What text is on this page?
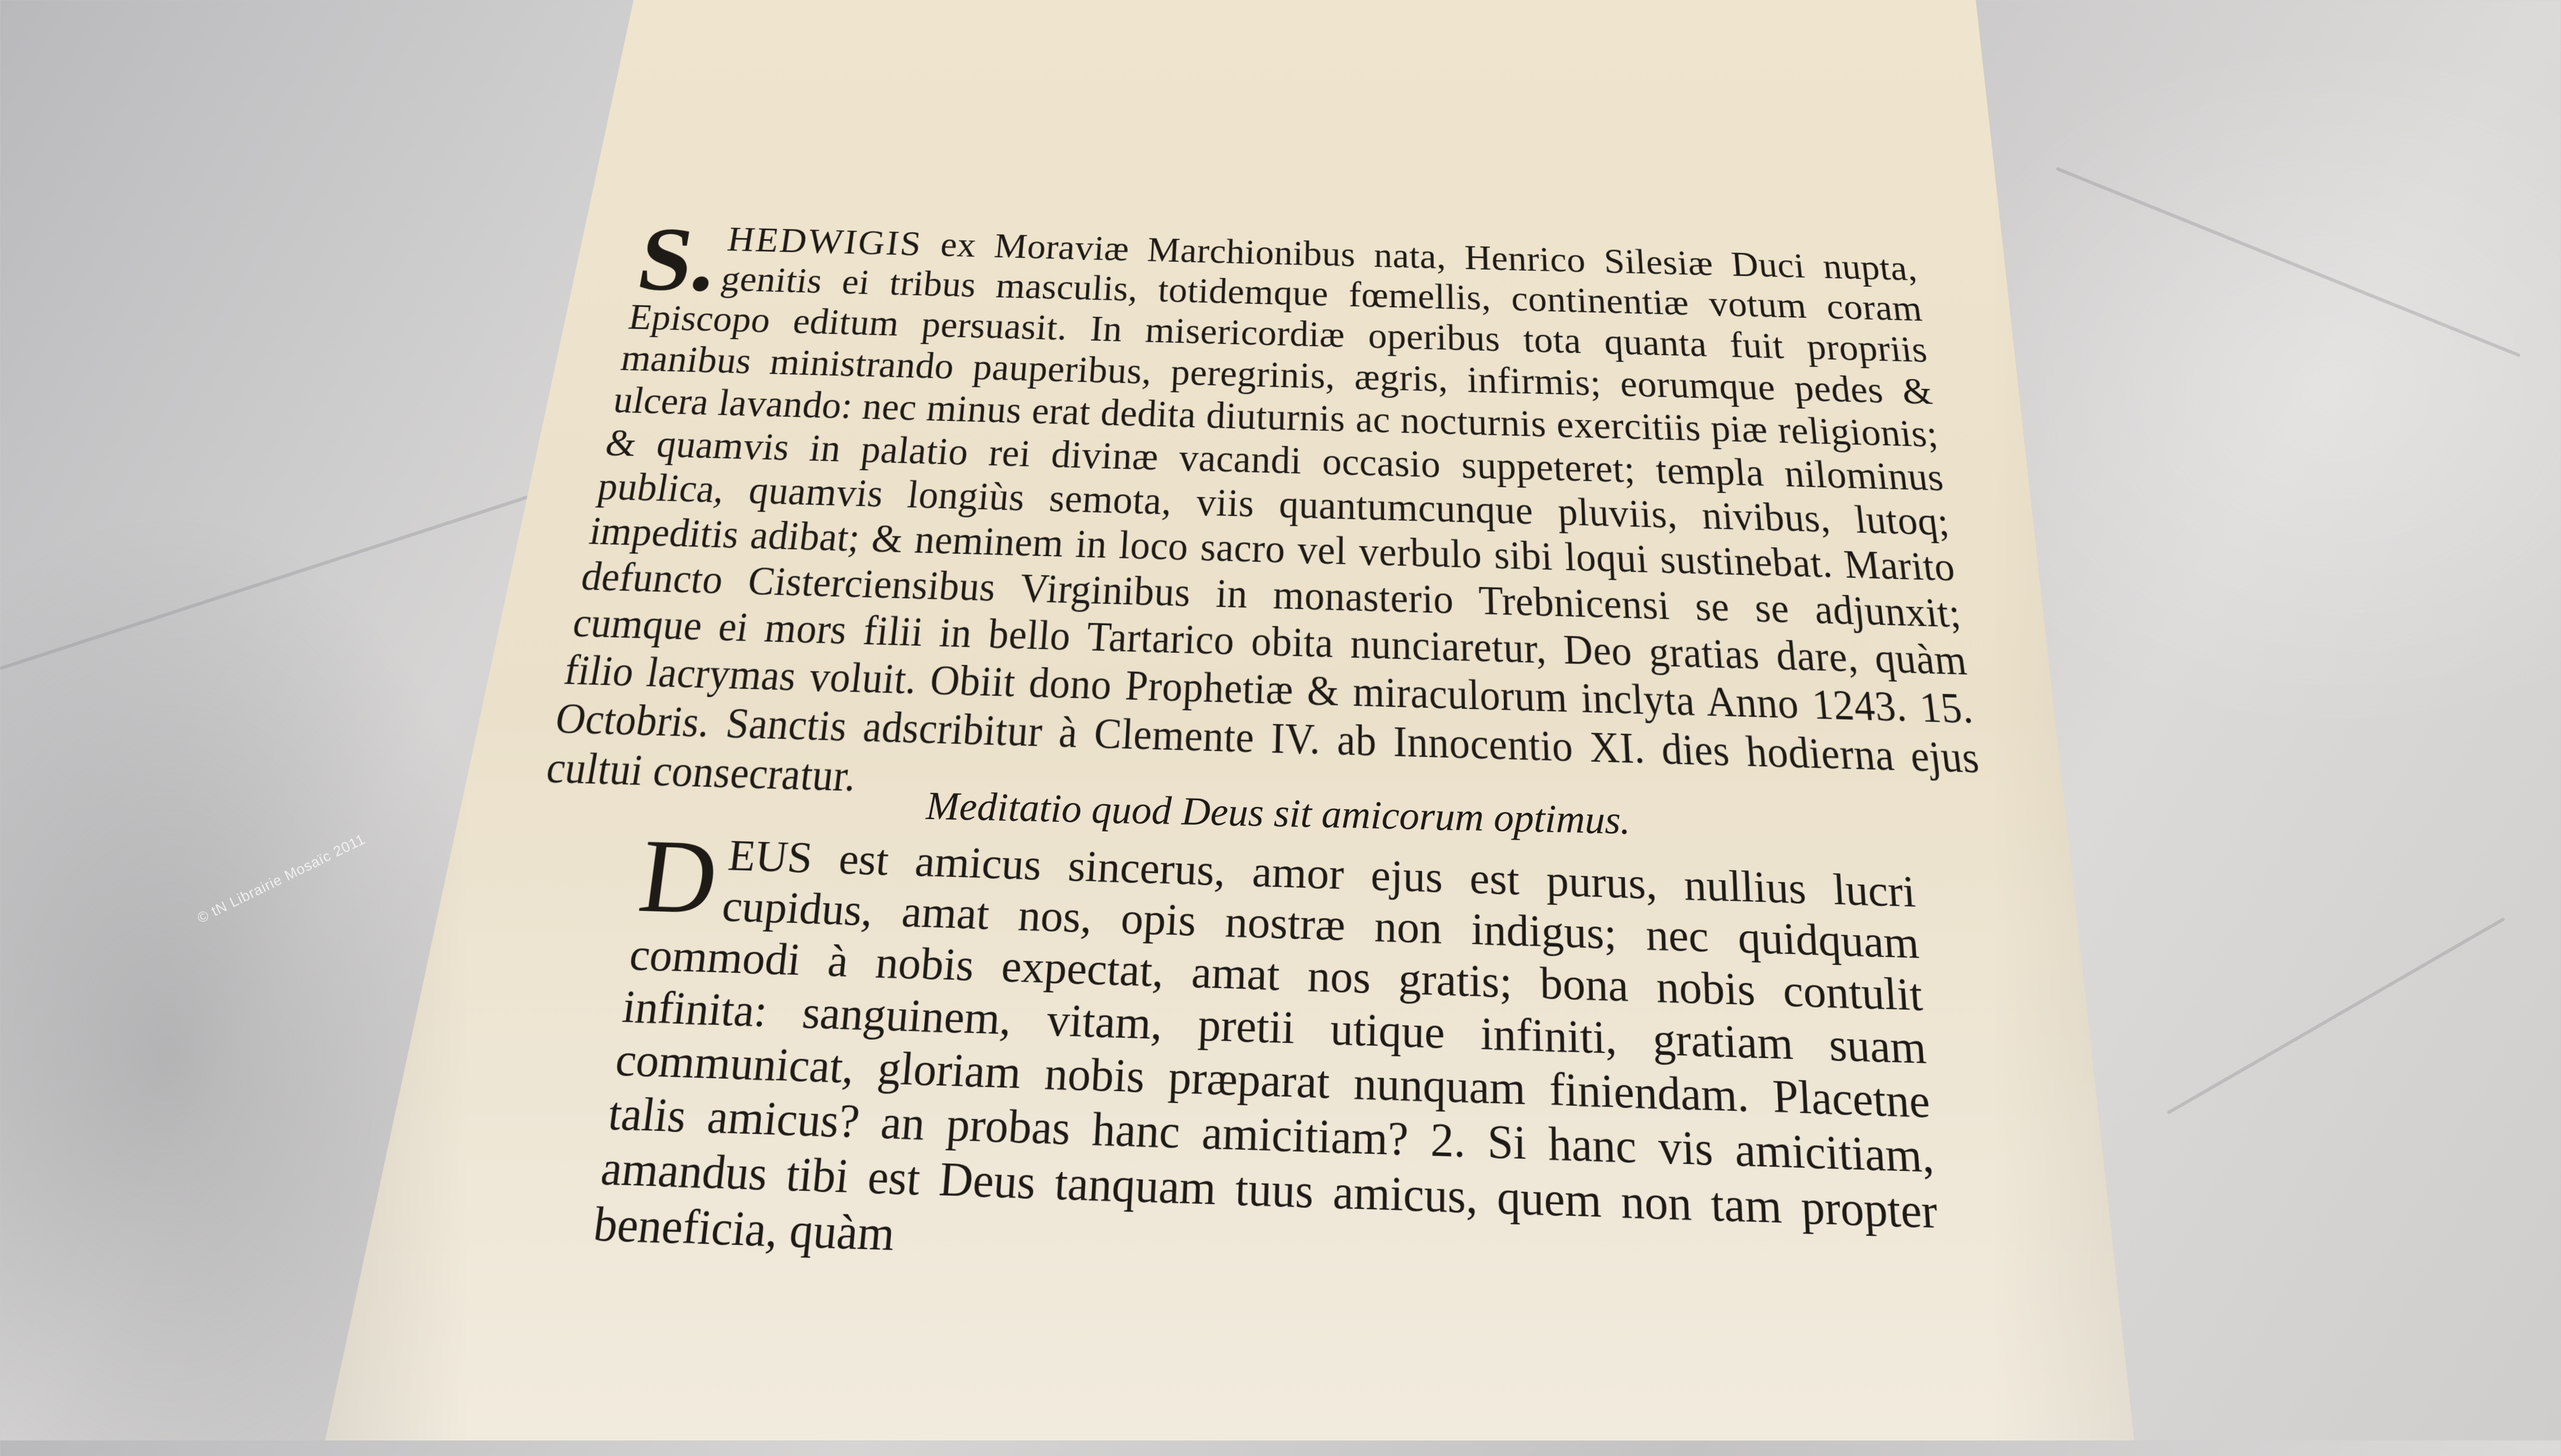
S. HEDWIGIS ex Moraviæ Marchionibus nata, Henrico Silesiæ Duci nupta, genitis ei tribus masculis, totidemque fœmellis, continentiæ votum coram Episcopo editum persuasit. In misericordiæ operibus tota quanta fuit propriis manibus ministrando pauperibus, peregrinis, ægris, infirmis; eorumque pedes & ulcera lavando: nec minus erat dedita diuturnis ac nocturnis exercitiis piæ religionis; & quamvis in palatio rei divinæ vacandi occasio suppeteret; templa nilominus publica, quamvis longiùs semota, viis quantumcunque pluviis, nivibus, lutoq; impeditis adibat; & neminem in loco sacro vel verbulo sibi loqui sustinebat. Marito defuncto Cisterciensibus Virginibus in monasterio Trebnicensi se se adjunxit; cumque ei mors filii in bello Tartarico obita nunciaretur, Deo gratias dare, quàm filio lacrymas voluit. Obiit dono Prophetiæ & miraculorum inclyta Anno 1243. 15. Octobris. Sanctis adscribitur à Clemente IV. ab Innocentio XI. dies hodierna ejus cultui consecratur.

Meditatio quod Deus sit amicorum optimus.

D EUS est amicus sincerus, amor ejus est purus, nullius lucri cupidus, amat nos, opis nostræ non indigus; nec quidquam commodi à nobis expectat, amat nos gratis; bona nobis contulit infinita: sanguinem, vitam, pretii utique infiniti, gratiam suam communicat, gloriam nobis præparat nunquam finiendam. Placetne talis amicus? an probas hanc amicitiam? 2. Si hanc vis amicitiam, amandus tibi est Deus tanquam tuus amicus, quem non tam propter beneficia, quàm

© tN Librairie Mosaïc 2011
